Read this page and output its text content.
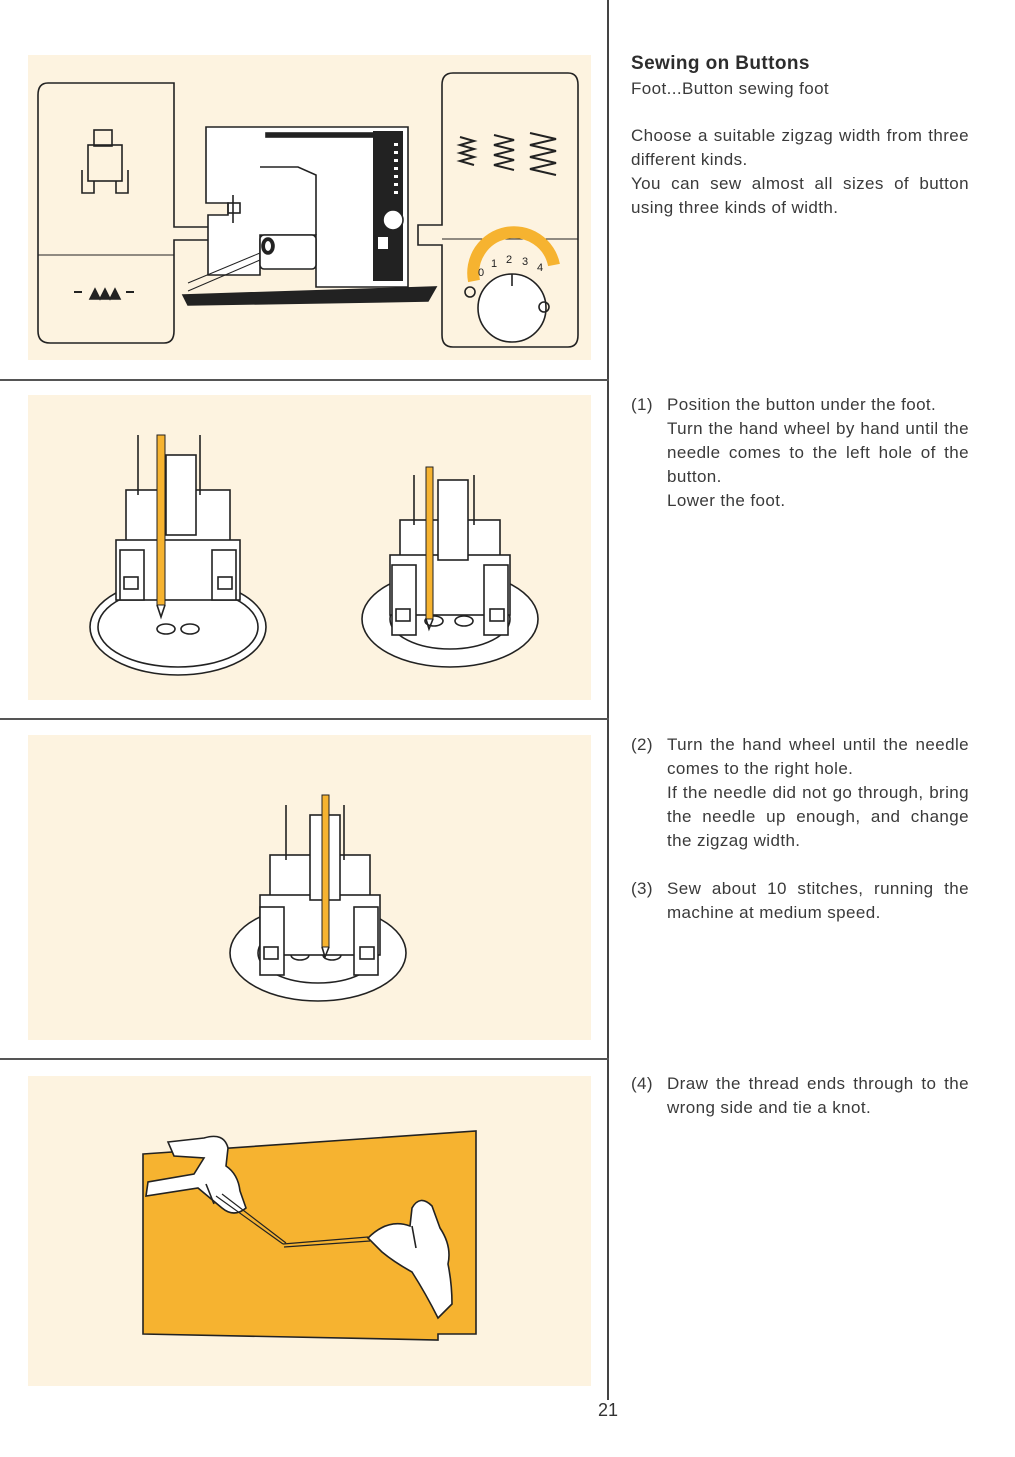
0
1 2 3 4
Sewing on Buttons
Foot...Button sewing foot
Choose a suitable zigzag width from three different kinds.
You can sew almost all sizes of button using three kinds of width.
(1) Position the button under the foot.

Turn the hand wheel by hand until the needle comes to the left hole of the button.

Lower the foot.

(2) Turn the hand wheel until the needle comes to the right hole.

If the needle did not go through, bring the needle up enough, and change the zigzag width.

(3) Sew about 10 stitches, running the machine at medium speed.

(4) Draw the thread ends through to the wrong side and tie a knot.

21
